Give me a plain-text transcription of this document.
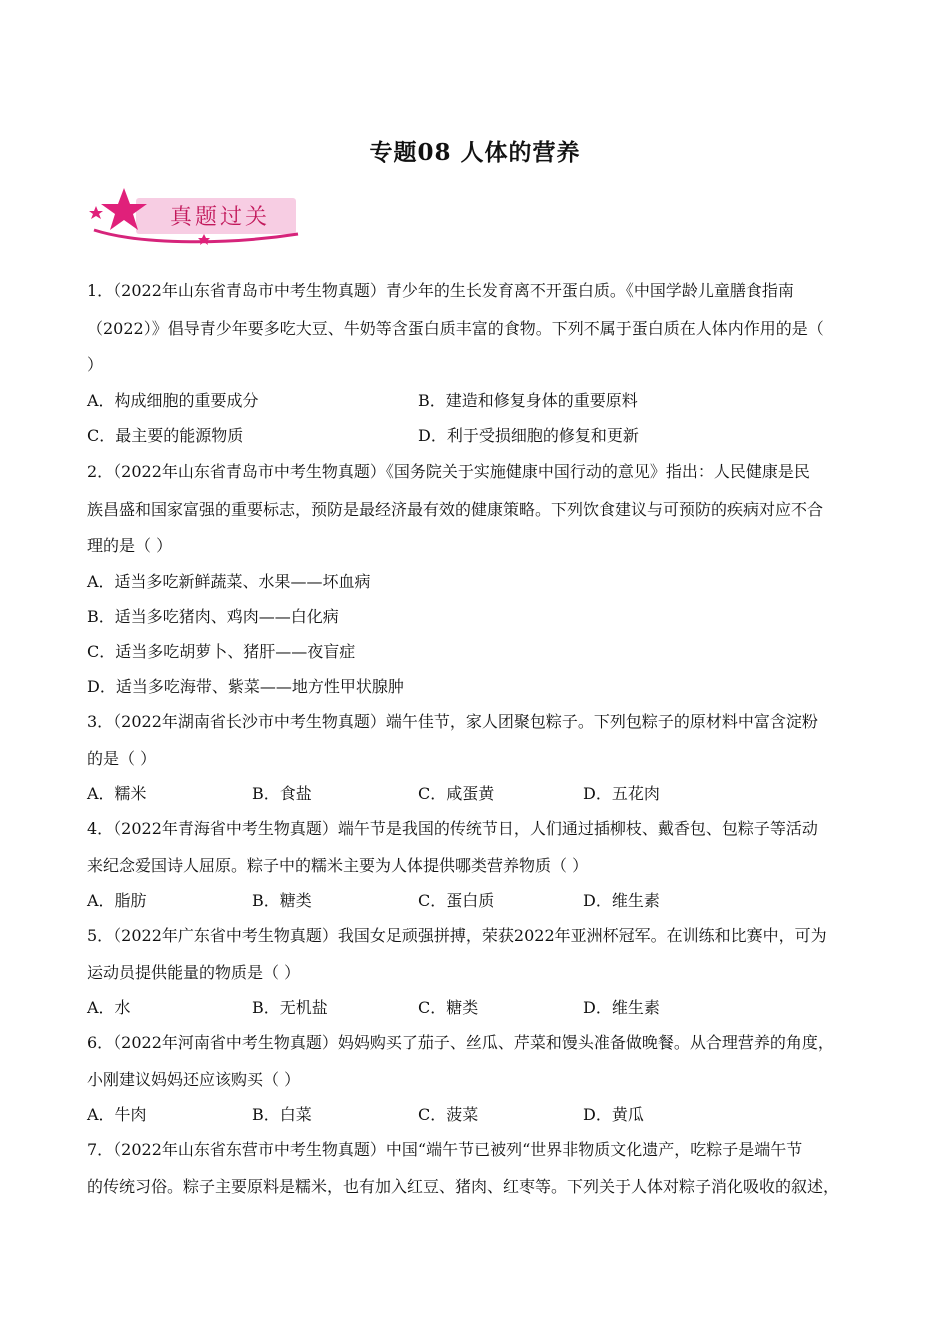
专题08 人体的营养
真题过关
1．（2022年山东省青岛市中考生物真题）青少年的生长发育离不开蛋白质。《中国学龄儿童膳食指南
（2022）》倡导青少年要多吃大豆、牛奶等含蛋白质丰富的食物。下列不属于蛋白质在人体内作用的是（
）
A．构成细胞的重要成分	B．建造和修复身体的重要原料
C．最主要的能源物质	D．利于受损细胞的修复和更新
2．（2022年山东省青岛市中考生物真题）《国务院关于实施健康中国行动的意见》指出：人民健康是民
族昌盛和国家富强的重要标志，预防是最经济最有效的健康策略。下列饮食建议与可预防的疾病对应不合
理的是（ ）
A．适当多吃新鲜蔬菜、水果——坏血病
B．适当多吃猪肉、鸡肉——白化病
C．适当多吃胡萝卜、猪肝——夜盲症
D．适当多吃海带、紫菜——地方性甲状腺肿
3．（2022年湖南省长沙市中考生物真题）端午佳节，家人团聚包粽子。下列包粽子的原材料中富含淀粉
的是（ ）
A．糯米	B．食盐	C．咸蛋黄	D．五花肉
4．（2022年青海省中考生物真题）端午节是我国的传统节日，人们通过插柳枝、戴香包、包粽子等活动
来纪念爱国诗人屈原。粽子中的糯米主要为人体提供哪类营养物质（ ）
A．脂肪	B．糖类	C．蛋白质	D．维生素
5．（2022年广东省中考生物真题）我国女足顽强拼搏，荣获2022年亚洲杯冠军。在训练和比赛中，可为
运动员提供能量的物质是（ ）
A．水	B．无机盐	C．糖类	D．维生素
6．（2022年河南省中考生物真题）妈妈购买了茄子、丝瓜、芹菜和馒头准备做晚餐。从合理营养的角度，
小刚建议妈妈还应该购买（ ）
A．牛肉	B．白菜	C．菠菜	D．黄瓜
7．（2022年山东省东营市中考生物真题）中国“端午节已被列“世界非物质文化遗产，吃粽子是端午节
的传统习俗。粽子主要原料是糯米，也有加入红豆、猪肉、红枣等。下列关于人体对粽子消化吸收的叙述，
